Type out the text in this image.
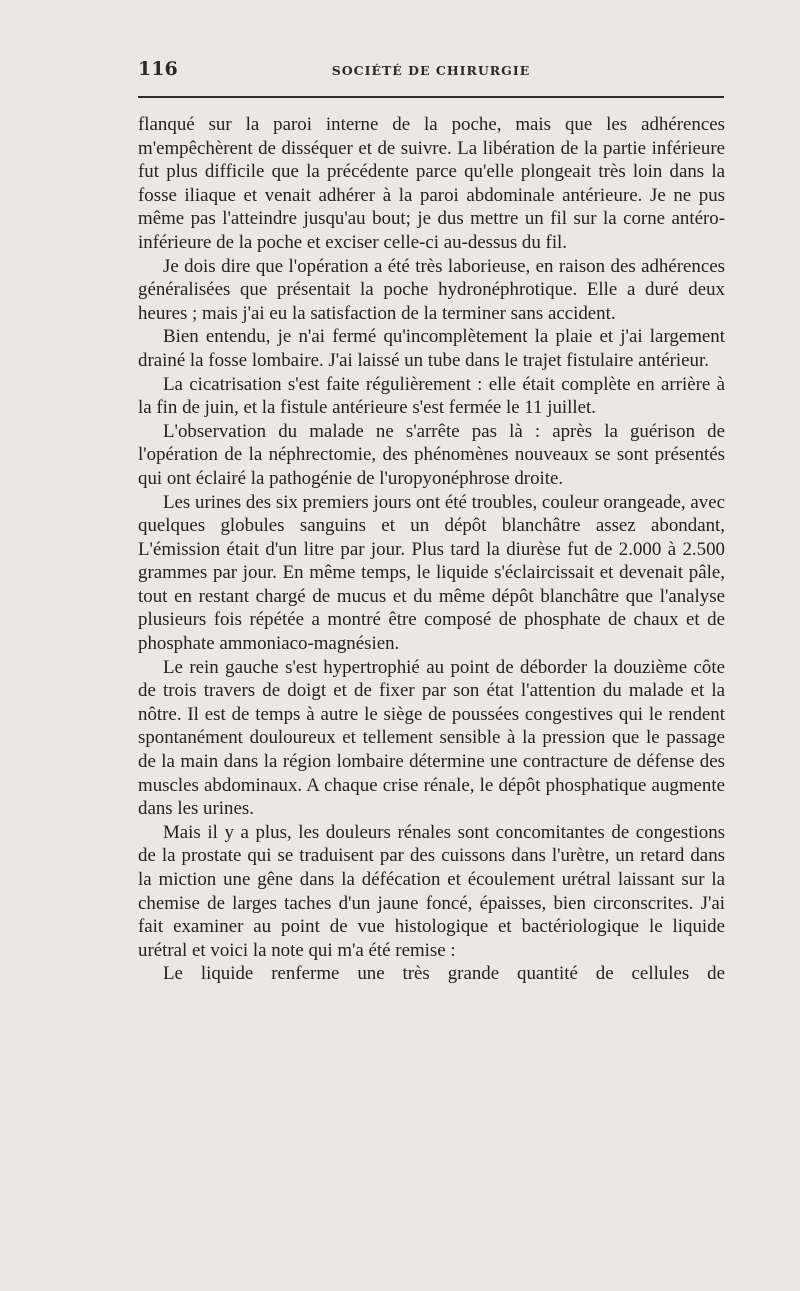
116	SOCIÉTÉ DE CHIRURGIE

flanqué sur la paroi interne de la poche, mais que les adhérences m'empêchèrent de disséquer et de suivre. La libération de la partie inférieure fut plus difficile que la précédente parce qu'elle plongeait très loin dans la fosse iliaque et venait adhérer à la paroi abdominale antérieure. Je ne pus même pas l'atteindre jusqu'au bout; je dus mettre un fil sur la corne antéro-inférieure de la poche et exciser celle-ci au-dessus du fil.

Je dois dire que l'opération a été très laborieuse, en raison des adhérences généralisées que présentait la poche hydronéphrotique. Elle a duré deux heures ; mais j'ai eu la satisfaction de la terminer sans accident.

Bien entendu, je n'ai fermé qu'incomplètement la plaie et j'ai largement drainé la fosse lombaire. J'ai laissé un tube dans le trajet fistulaire antérieur.

La cicatrisation s'est faite régulièrement : elle était complète en arrière à la fin de juin, et la fistule antérieure s'est fermée le 11 juillet.

L'observation du malade ne s'arrête pas là : après la guérison de l'opération de la néphrectomie, des phénomènes nouveaux se sont présentés qui ont éclairé la pathogénie de l'uropyonéphrose droite.

Les urines des six premiers jours ont été troubles, couleur orangeade, avec quelques globules sanguins et un dépôt blanchâtre assez abondant, L'émission était d'un litre par jour. Plus tard la diurèse fut de 2.000 à 2.500 grammes par jour. En même temps, le liquide s'éclaircissait et devenait pâle, tout en restant chargé de mucus et du même dépôt blanchâtre que l'analyse plusieurs fois répétée a montré être composé de phosphate de chaux et de phosphate ammoniaco-magnésien.

Le rein gauche s'est hypertrophié au point de déborder la douzième côte de trois travers de doigt et de fixer par son état l'attention du malade et la nôtre. Il est de temps à autre le siège de poussées congestives qui le rendent spontanément douloureux et tellement sensible à la pression que le passage de la main dans la région lombaire détermine une contracture de défense des muscles abdominaux. A chaque crise rénale, le dépôt phosphatique augmente dans les urines.

Mais il y a plus, les douleurs rénales sont concomitantes de congestions de la prostate qui se traduisent par des cuissons dans l'urètre, un retard dans la miction une gêne dans la défécation et écoulement urétral laissant sur la chemise de larges taches d'un jaune foncé, épaisses, bien circonscrites. J'ai fait examiner au point de vue histologique et bactériologique le liquide urétral et voici la note qui m'a été remise :

Le liquide renferme une très grande quantité de cellules de
